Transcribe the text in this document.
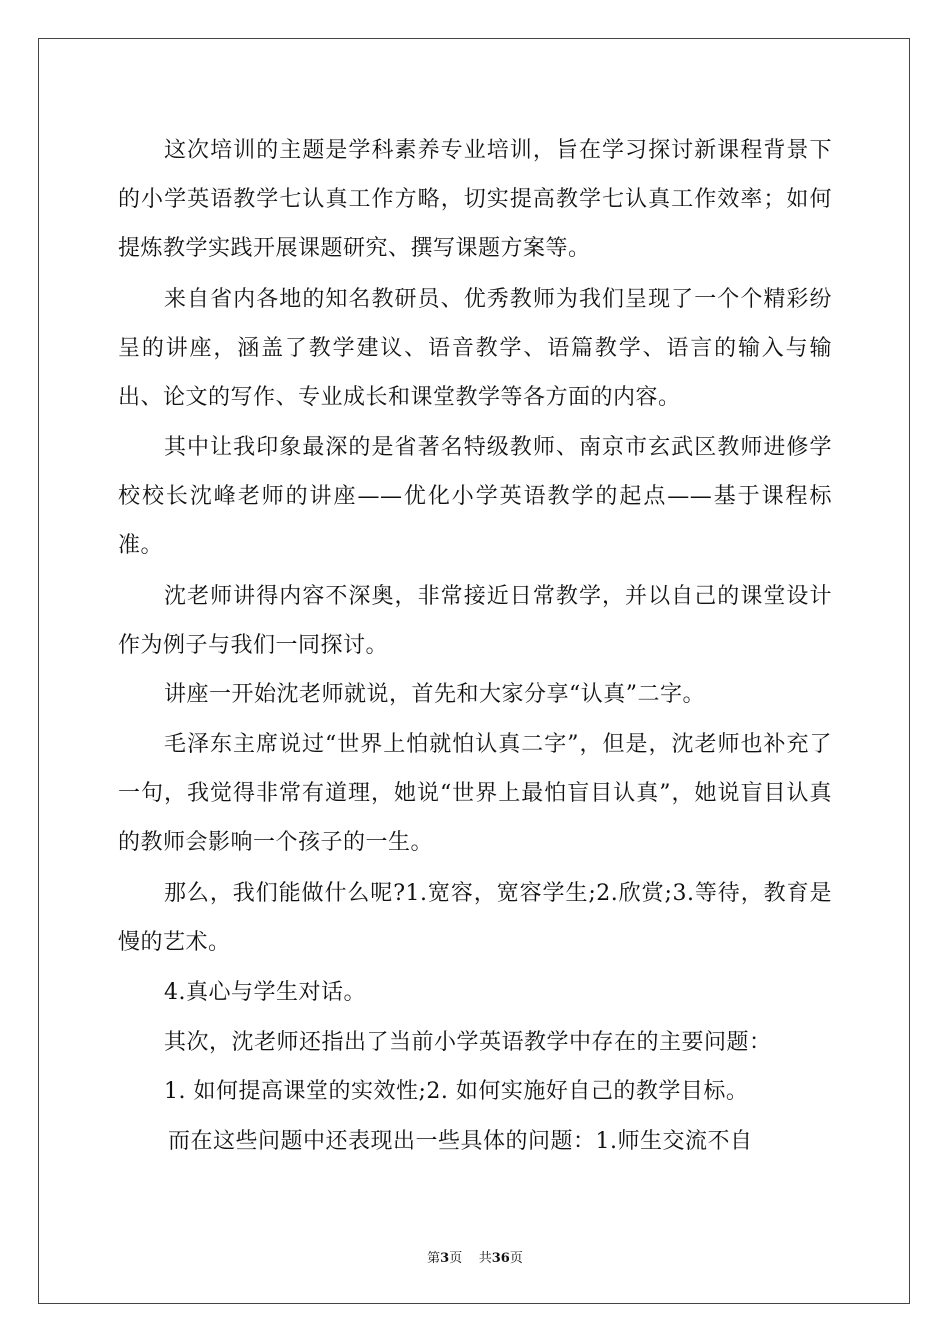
这次培训的主题是学科素养专业培训，旨在学习探讨新课程背景下的小学英语教学七认真工作方略，切实提高教学七认真工作效率；如何提炼教学实践开展课题研究、撰写课题方案等。

来自省内各地的知名教研员、优秀教师为我们呈现了一个个精彩纷呈的讲座，涵盖了教学建议、语音教学、语篇教学、语言的输入与输出、论文的写作、专业成长和课堂教学等各方面的内容。

其中让我印象最深的是省著名特级教师、南京市玄武区教师进修学校校长沈峰老师的讲座——优化小学英语教学的起点——基于课程标准。

沈老师讲得内容不深奥，非常接近日常教学，并以自己的课堂设计作为例子与我们一同探讨。

讲座一开始沈老师就说，首先和大家分享“认真”二字。

毛泽东主席说过“世界上怕就怕认真二字”，但是，沈老师也补充了一句，我觉得非常有道理，她说“世界上最怕盲目认真”，她说盲目认真的教师会影响一个孩子的一生。

那么，我们能做什么呢?1.宽容，宽容学生;2.欣赏;3.等待，教育是慢的艺术。

4.真心与学生对话。

其次，沈老师还指出了当前小学英语教学中存在的主要问题：

1. 如何提高课堂的实效性;2. 如何实施好自己的教学目标。

而在这些问题中还表现出一些具体的问题：1.师生交流不自

第3页 共36页
